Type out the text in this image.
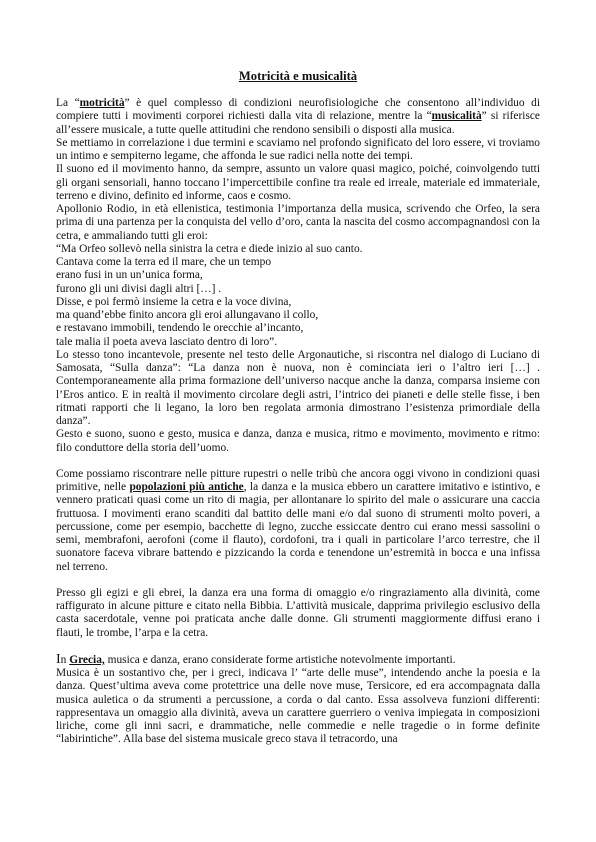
Motricità e musicalità

La “motricità” è quel complesso di condizioni neurofisiologiche che consentono all’individuo di compiere tutti i movimenti corporei richiesti dalla vita di relazione, mentre la “musicalità” si riferisce all’essere musicale, a tutte quelle attitudini che rendono sensibili o disposti alla musica.

Se mettiamo in correlazione i due termini e scaviamo nel profondo significato del loro essere, vi troviamo un intimo e sempiterno legame, che affonda le sue radici nella notte dei tempi.

Il suono ed il movimento hanno, da sempre, assunto un valore quasi magico, poiché, coinvolgendo tutti gli organi sensoriali, hanno toccano l’impercettibile confine tra reale ed irreale, materiale ed immateriale, terreno e divino, definito ed informe, caos e cosmo.

Apollonio Rodio, in età ellenistica, testimonia l’importanza della musica, scrivendo che Orfeo, la sera prima di una partenza per la conquista del vello d’oro, canta la nascita del cosmo accompagnandosi con la cetra, e ammaliando tutti gli eroi:

“Ma Orfeo sollevò nella sinistra la cetra e diede inizio al suo canto.

Cantava come la terra ed il mare, che un tempo

erano fusi in un un’unica forma,

furono gli uni divisi dagli altri […] .

Disse, e poi fermò insieme la cetra e la voce divina,

ma quand’ebbe finito ancora gli eroi allungavano il collo,

e restavano immobili, tendendo le orecchie al’incanto,

tale malia il poeta aveva lasciato dentro di loro”.

Lo stesso tono incantevole, presente nel testo delle Argonautiche, si riscontra nel dialogo di Luciano di Samosata, “Sulla danza”: “La danza non è nuova, non è cominciata ieri o l’altro ieri […] . Contemporaneamente alla prima formazione dell’universo nacque anche la danza, comparsa insieme con l’Eros antico. E in realtà il movimento circolare degli astri, l’intrico dei pianeti e delle stelle fisse, i ben ritmati rapporti che li legano, la loro ben regolata armonia dimostrano l’esistenza primordiale della danza”.

Gesto e suono, suono e gesto, musica e danza, danza e musica, ritmo e movimento, movimento e ritmo: filo conduttore della storia dell’uomo.

Come possiamo riscontrare nelle pitture rupestri o nelle tribù che ancora oggi vivono in condizioni quasi primitive, nelle popolazioni più antiche, la danza e la musica ebbero un carattere imitativo e istintivo, e vennero praticati quasi come un rito di magia, per allontanare lo spirito del male o assicurare una caccia fruttuosa. I movimenti erano scanditi dal battito delle mani e/o dal suono di strumenti molto poveri, a percussione, come per esempio, bacchette di legno, zucche essiccate dentro cui erano messi sassolini o semi, membrafoni, aerofoni (come il flauto), cordofoni, tra i quali in particolare l’arco terrestre, che il suonatore faceva vibrare battendo e pizzicando la corda e tenendone un’estremità in bocca e una infissa nel terreno.

Presso gli egizi e gli ebrei, la danza era una forma di omaggio e/o ringraziamento alla divinità, come raffigurato in alcune pitture e citato nella Bibbia. L’attività musicale, dapprima privilegio esclusivo della casta sacerdotale, venne poi praticata anche dalle donne. Gli strumenti maggiormente diffusi erano i flauti, le trombe, l’arpa e la cetra.

In Grecia, musica e danza, erano considerate forme artistiche notevolmente importanti.

Musica è un sostantivo che, per i greci, indicava l’ “arte delle muse”, intendendo anche la poesia e la danza. Quest’ultima aveva come protettrice una delle nove muse, Tersicore, ed era accompagnata dalla musica auletica o da strumenti a percussione, a corda o dal canto. Essa assolveva funzioni differenti: rappresentava un omaggio alla divinità, aveva un carattere guerriero o veniva impiegata in composizioni liriche, come gli inni sacri, e drammatiche, nelle commedie e nelle tragedie o in forme definite “labirintiche”. Alla base del sistema musicale greco stava il tetracordo, una
